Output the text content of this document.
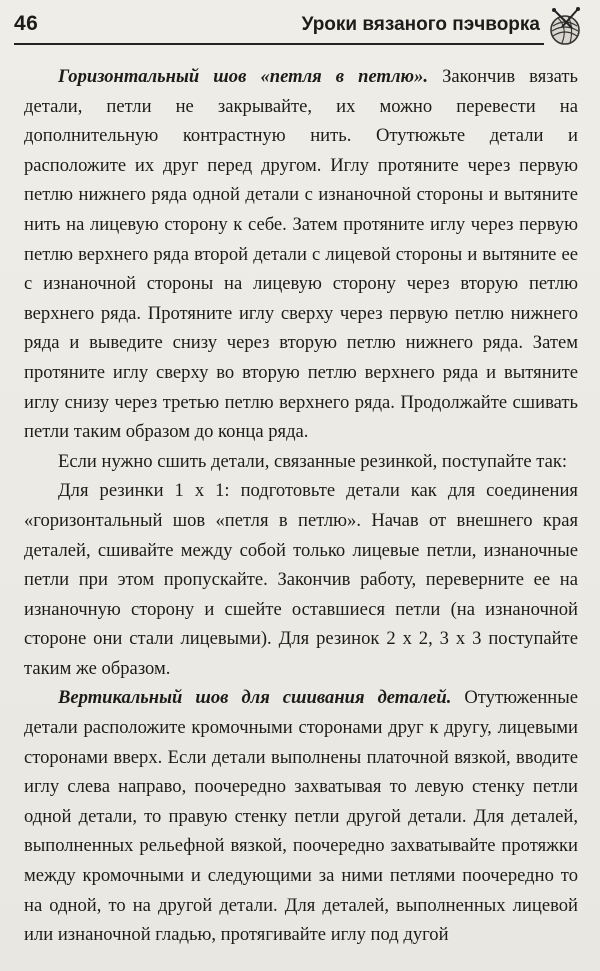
46	Уроки вязаного пэчворка

Горизонтальный шов «петля в петлю». Закончив вязать детали, петли не закрывайте, их можно перевести на дополнительную контрастную нить. Отутюжьте детали и расположите их друг перед другом. Иглу протяните через первую петлю нижнего ряда одной детали с изнаночной стороны и вытяните нить на лицевую сторону к себе. Затем протяните иглу через первую петлю верхнего ряда второй детали с лицевой стороны и вытяните ее с изнаночной стороны на лицевую сторону через вторую петлю верхнего ряда. Протяните иглу сверху через первую петлю нижнего ряда и выведите снизу через вторую петлю нижнего ряда. Затем протяните иглу сверху во вторую петлю верхнего ряда и вытяните иглу снизу через третью петлю верхнего ряда. Продолжайте сшивать петли таким образом до конца ряда.

Если нужно сшить детали, связанные резинкой, поступайте так:

Для резинки 1 х 1: подготовьте детали как для соединения «горизонтальный шов «петля в петлю». Начав от внешнего края деталей, сшивайте между собой только лицевые петли, изнаночные петли при этом пропускайте. Закончив работу, переверните ее на изнаночную сторону и сшейте оставшиеся петли (на изнаночной стороне они стали лицевыми). Для резинок 2 х 2, 3 х 3 поступайте таким же образом.

Вертикальный шов для сшивания деталей. Отутюженные детали расположите кромочными сторонами друг к другу, лицевыми сторонами вверх. Если детали выполнены платочной вязкой, вводите иглу слева направо, поочередно захватывая то левую стенку петли одной детали, то правую стенку петли другой детали. Для деталей, выполненных рельефной вязкой, поочередно захватывайте протяжки между кромочными и следующими за ними петлями поочередно то на одной, то на другой детали. Для деталей, выполненных лицевой или изнаночной гладью, протягивайте иглу под дугой
